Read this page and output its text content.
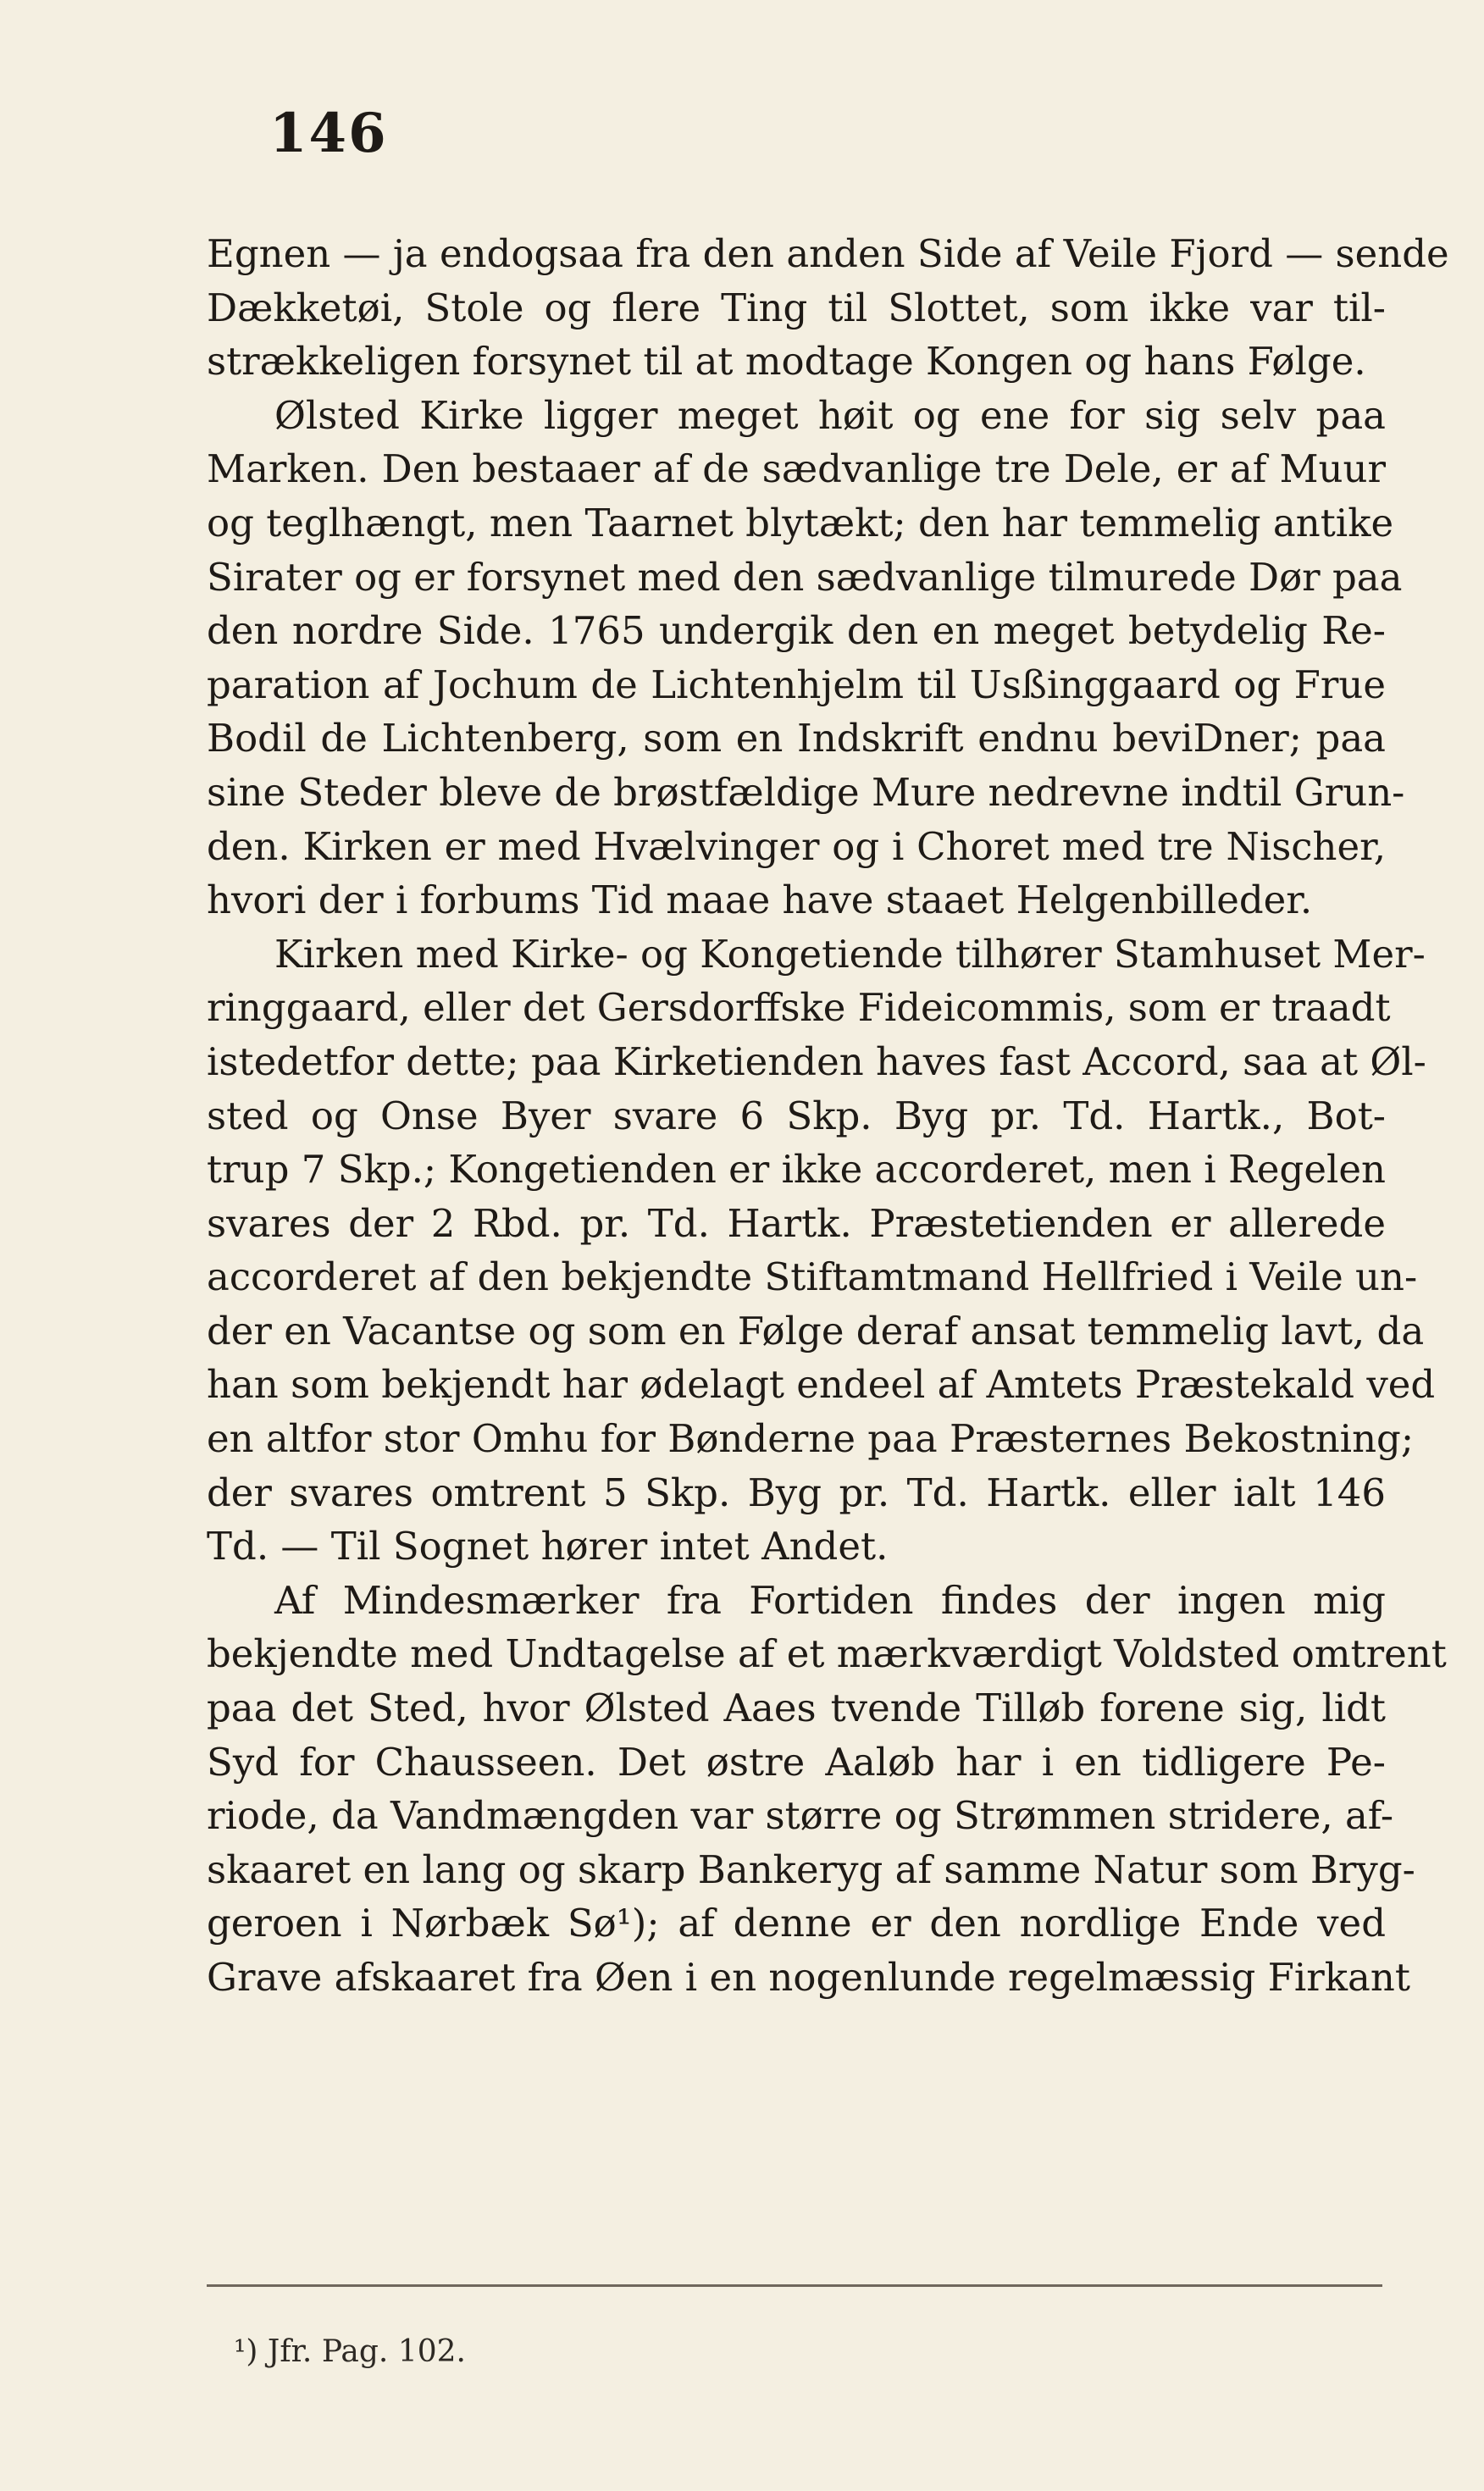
146
Egnen — ja endogsaa fra den anden Side af Veile Fjord — sende
Dækketøi, Stole og flere Ting til Slottet, som ikke var til-
strækkeligen forsynet til at modtage Kongen og hans Følge.
Ølsted Kirke ligger meget høit og ene for sig selv paa
Marken. Den bestaaer af de sædvanlige tre Dele, er af Muur
og teglhængt, men Taarnet blytækt; den har temmelig antike
Sirater og er forsynet med den sædvanlige tilmurede Dør paa
den nordre Side. 1765 undergik den en meget betydelig Re-
paration af Jochum de Lichtenhjelm til Usßinggaard og Frue
Bodil de Lichtenberg, som en Indskrift endnu beviDner; paa
sine Steder bleve de brøstfældige Mure nedrevne indtil Grun-
den. Kirken er med Hvælvinger og i Choret med tre Nischer,
hvori der i forbums Tid maae have staaet Helgenbilleder.
Kirken med Kirke- og Kongetiende tilhører Stamhuset Mer-
ringgaard, eller det Gersdorffske Fideicommis, som er traadt
istedetfor dette; paa Kirketienden haves fast Accord, saa at Øl-
sted og Onse Byer svare 6 Skp. Byg pr. Td. Hartk., Bot-
trup 7 Skp.; Kongetienden er ikke accorderet, men i Regelen
svares der 2 Rbd. pr. Td. Hartk. Præstetienden er allerede
accorderet af den bekjendte Stiftamtmand Hellfried i Veile un-
der en Vacantse og som en Følge deraf ansat temmelig lavt, da
han som bekjendt har ødelagt endeel af Amtets Præstekald ved
en altfor stor Omhu for Bønderne paa Præsternes Bekostning;
der svares omtrent 5 Skp. Byg pr. Td. Hartk. eller ialt 146
Td. — Til Sognet hører intet Andet.
Af Mindesmærker fra Fortiden findes der ingen mig
bekjendte med Undtagelse af et mærkværdigt Voldsted omtrent
paa det Sted, hvor Ølsted Aaes tvende Tilløb forene sig, lidt
Syd for Chausseen. Det østre Aaløb har i en tidligere Pe-
riode, da Vandmængden var større og Strømmen stridere, af-
skaaret en lang og skarp Bankeryg af samme Natur som Bryg-
geroen i Nørbæk Sø¹); af denne er den nordlige Ende ved
Grave afskaaret fra Øen i en nogenlunde regelmæssig Firkant
¹) Jfr. Pag. 102.
